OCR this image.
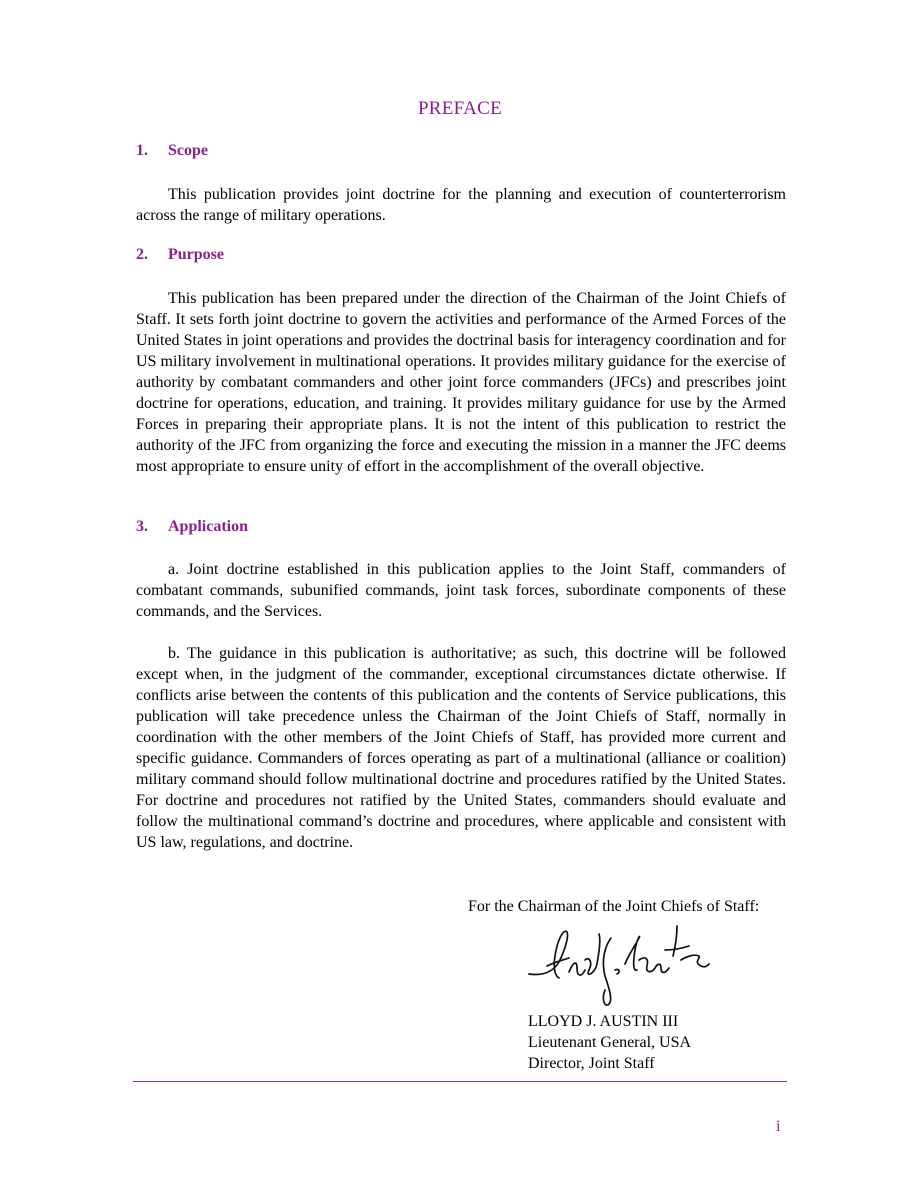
PREFACE
1. Scope

This publication provides joint doctrine for the planning and execution of counterterrorism across the range of military operations.

2. Purpose

This publication has been prepared under the direction of the Chairman of the Joint Chiefs of Staff. It sets forth joint doctrine to govern the activities and performance of the Armed Forces of the United States in joint operations and provides the doctrinal basis for interagency coordination and for US military involvement in multinational operations. It provides military guidance for the exercise of authority by combatant commanders and other joint force commanders (JFCs) and prescribes joint doctrine for operations, education, and training. It provides military guidance for use by the Armed Forces in preparing their appropriate plans. It is not the intent of this publication to restrict the authority of the JFC from organizing the force and executing the mission in a manner the JFC deems most appropriate to ensure unity of effort in the accomplishment of the overall objective.

3. Application

a. Joint doctrine established in this publication applies to the Joint Staff, commanders of combatant commands, subunified commands, joint task forces, subordinate components of these commands, and the Services.

b. The guidance in this publication is authoritative; as such, this doctrine will be followed except when, in the judgment of the commander, exceptional circumstances dictate otherwise. If conflicts arise between the contents of this publication and the contents of Service publications, this publication will take precedence unless the Chairman of the Joint Chiefs of Staff, normally in coordination with the other members of the Joint Chiefs of Staff, has provided more current and specific guidance. Commanders of forces operating as part of a multinational (alliance or coalition) military command should follow multinational doctrine and procedures ratified by the United States. For doctrine and procedures not ratified by the United States, commanders should evaluate and follow the multinational command’s doctrine and procedures, where applicable and consistent with US law, regulations, and doctrine.

For the Chairman of the Joint Chiefs of Staff:
LLOYD J. AUSTIN III
Lieutenant General, USA
Director, Joint Staff
i
